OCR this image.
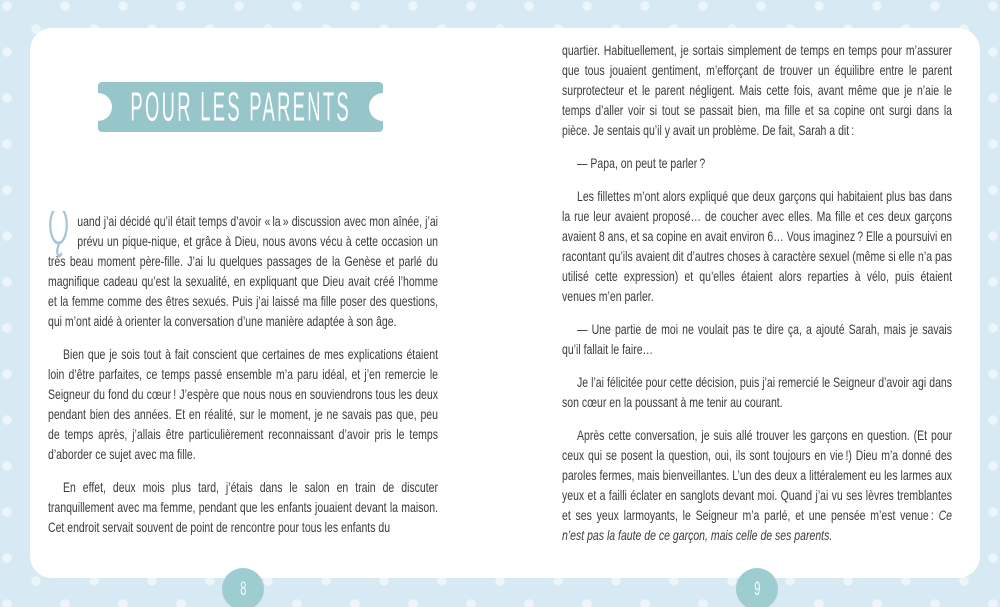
POUR LES PARENTS

uand j’ai décidé qu’il était temps d’avoir « la » discussion avec mon aînée, j’ai prévu un pique-nique, et grâce à Dieu, nous avons vécu à cette occasion un très beau moment père-fille. J’ai lu quelques passages de la Genèse et parlé du magnifique cadeau qu’est la sexualité, en expliquant que Dieu avait créé l’homme et la femme comme des êtres sexués. Puis j’ai laissé ma fille poser des questions, qui m’ont aidé à orienter la conversation d’une manière adaptée à son âge.

Bien que je sois tout à fait conscient que certaines de mes explications étaient loin d’être parfaites, ce temps passé ensemble m’a paru idéal, et j’en remercie le Seigneur du fond du cœur ! J’espère que nous nous en souviendrons tous les deux pendant bien des années. Et en réalité, sur le moment, je ne savais pas que, peu de temps après, j’allais être particulièrement reconnaissant d’avoir pris le temps d’aborder ce sujet avec ma fille.

En effet, deux mois plus tard, j’étais dans le salon en train de discuter tranquillement avec ma femme, pendant que les enfants jouaient devant la maison. Cet endroit servait souvent de point de rencontre pour tous les enfants du

quartier. Habituellement, je sortais simplement de temps en temps pour m’assurer que tous jouaient gentiment, m’efforçant de trouver un équilibre entre le parent surprotecteur et le parent négligent. Mais cette fois, avant même que je n’aie le temps d’aller voir si tout se passait bien, ma fille et sa copine ont surgi dans la pièce. Je sentais qu’il y avait un problème. De fait, Sarah a dit :

— Papa, on peut te parler ?

Les fillettes m’ont alors expliqué que deux garçons qui habitaient plus bas dans la rue leur avaient proposé… de coucher avec elles. Ma fille et ces deux garçons avaient 8 ans, et sa copine en avait environ 6… Vous imaginez ? Elle a poursuivi en racontant qu’ils avaient dit d’autres choses à caractère sexuel (même si elle n’a pas utilisé cette expression) et qu’elles étaient alors reparties à vélo, puis étaient venues m’en parler.

— Une partie de moi ne voulait pas te dire ça, a ajouté Sarah, mais je savais qu’il fallait le faire…

Je l’ai félicitée pour cette décision, puis j’ai remercié le Seigneur d’avoir agi dans son cœur en la poussant à me tenir au courant.

Après cette conversation, je suis allé trouver les garçons en question. (Et pour ceux qui se posent la question, oui, ils sont toujours en vie !) Dieu m’a donné des paroles fermes, mais bienveillantes. L’un des deux a littéralement eu les larmes aux yeux et a failli éclater en sanglots devant moi. Quand j’ai vu ses lèvres tremblantes et ses yeux larmoyants, le Seigneur m’a parlé, et une pensée m’est venue : Ce n’est pas la faute de ce garçon, mais celle de ses parents.

8	9
